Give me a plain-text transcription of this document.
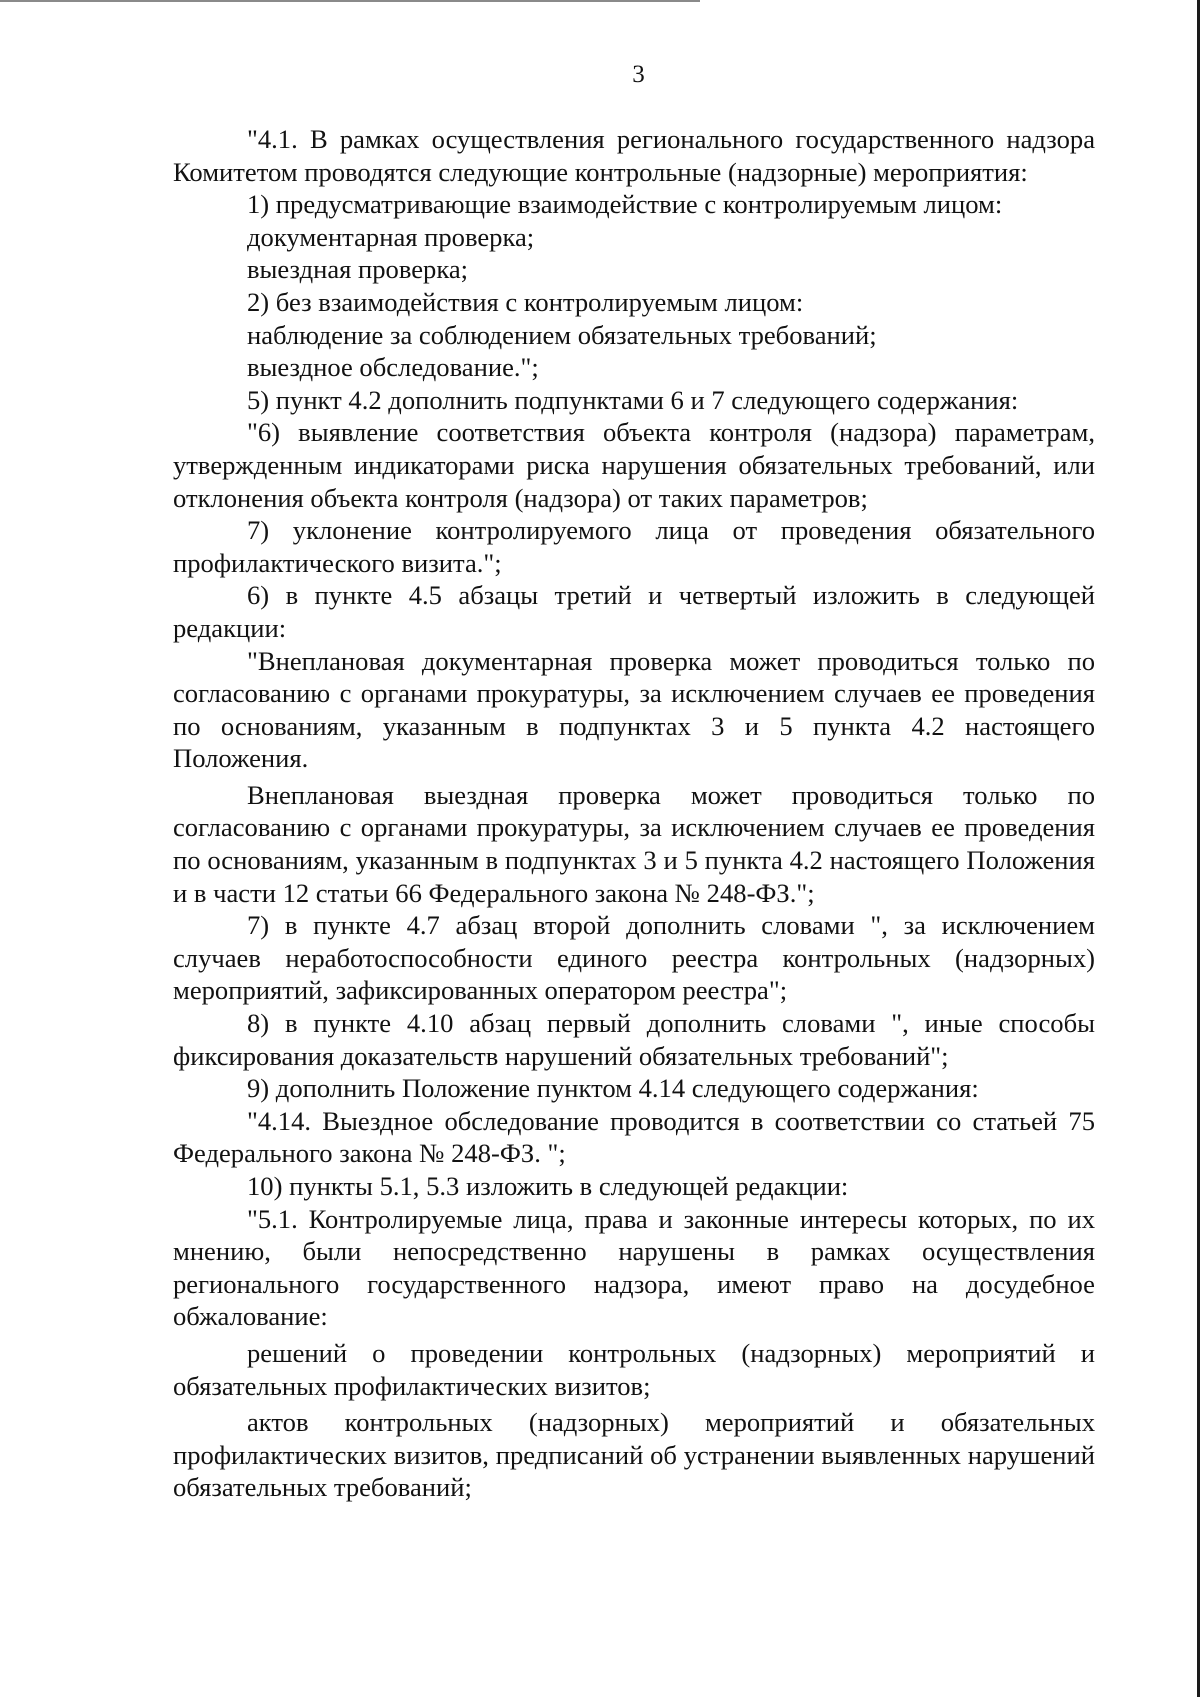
3

"4.1. В рамках осуществления регионального государственного надзора Комитетом проводятся следующие контрольные (надзорные) мероприятия:

1) предусматривающие взаимодействие с контролируемым лицом:

документарная проверка;

выездная проверка;

2) без взаимодействия с контролируемым лицом:

наблюдение за соблюдением обязательных требований;

выездное обследование.";

5) пункт 4.2 дополнить подпунктами 6 и 7 следующего содержания:

"6) выявление соответствия объекта контроля (надзора) параметрам, утвержденным индикаторами риска нарушения обязательных требований, или отклонения объекта контроля (надзора) от таких параметров;

7) уклонение контролируемого лица от проведения обязательного профилактического визита.";

6) в пункте 4.5 абзацы третий и четвертый изложить в следующей редакции:

"Внеплановая документарная проверка может проводиться только по согласованию с органами прокуратуры, за исключением случаев ее проведения по основаниям, указанным в подпунктах 3 и 5 пункта 4.2 настоящего Положения.

Внеплановая выездная проверка может проводиться только по согласованию с органами прокуратуры, за исключением случаев ее проведения по основаниям, указанным в подпунктах 3 и 5 пункта 4.2 настоящего Положения и в части 12 статьи 66 Федерального закона № 248-ФЗ.";

7) в пункте 4.7 абзац второй дополнить словами ", за исключением случаев неработоспособности единого реестра контрольных (надзорных) мероприятий, зафиксированных оператором реестра";

8) в пункте 4.10 абзац первый дополнить словами ", иные способы фиксирования доказательств нарушений обязательных требований";

9) дополнить Положение пунктом 4.14 следующего содержания:

"4.14. Выездное обследование проводится в соответствии со статьей 75 Федерального закона № 248-ФЗ. ";

10) пункты 5.1, 5.3 изложить в следующей редакции:

"5.1. Контролируемые лица, права и законные интересы которых, по их мнению, были непосредственно нарушены в рамках осуществления регионального государственного надзора, имеют право на досудебное обжалование:

решений о проведении контрольных (надзорных) мероприятий и обязательных профилактических визитов;

актов контрольных (надзорных) мероприятий и обязательных профилактических визитов, предписаний об устранении выявленных нарушений обязательных требований;
